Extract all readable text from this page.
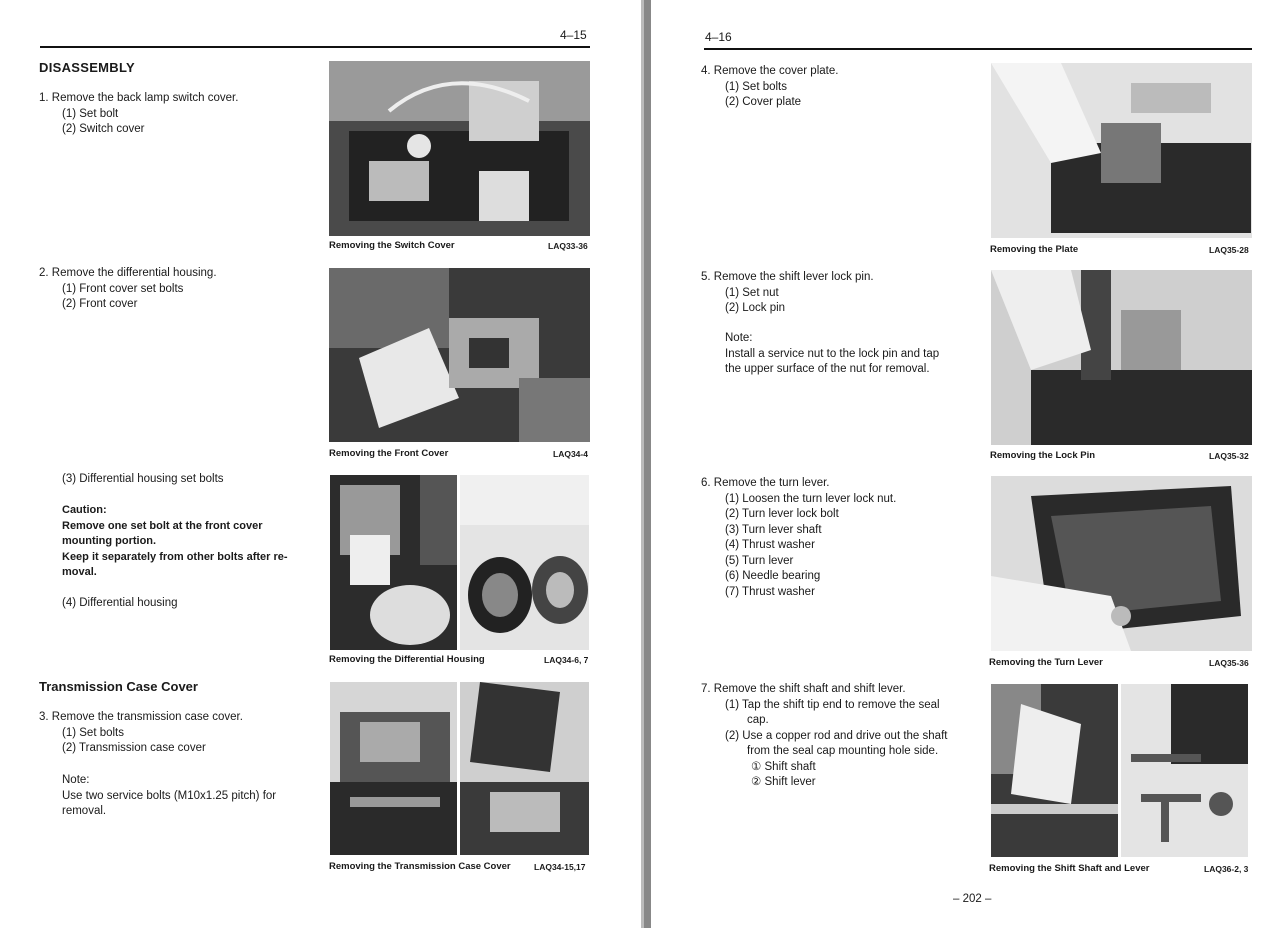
4–15
DISASSEMBLY
1. Remove the back lamp switch cover.
(1) Set bolt
(2) Switch cover
Removing the Switch Cover	LAQ33-36
2. Remove the differential housing.
(1) Front cover set bolts
(2) Front cover
Removing the Front Cover	LAQ34-4
(3) Differential housing set bolts
Caution:
Remove one set bolt at the front cover
mounting portion.
Keep it separately from other bolts after re-
moval.
(4) Differential housing
Removing the Differential Housing	LAQ34-6, 7
Transmission Case Cover
3. Remove the transmission case cover.
(1) Set bolts
(2) Transmission case cover
Note:
Use two service bolts (M10x1.25 pitch) for
removal.
Removing the Transmission Case Cover	LAQ34-15,17
4–16
4. Remove the cover plate.
(1) Set bolts
(2) Cover plate
Removing the Plate	LAQ35-28
5. Remove the shift lever lock pin.
(1) Set nut
(2) Lock pin
Note:
Install a service nut to the lock pin and tap
the upper surface of the nut for removal.
Removing the Lock Pin	LAQ35-32
6. Remove the turn lever.
(1) Loosen the turn lever lock nut.
(2) Turn lever lock bolt
(3) Turn lever shaft
(4) Thrust washer
(5) Turn lever
(6) Needle bearing
(7) Thrust washer
Removing the Turn Lever	LAQ35-36
7. Remove the shift shaft and shift lever.
(1) Tap the shift tip end to remove the seal
cap.
(2) Use a copper rod and drive out the shaft
from the seal cap mounting hole side.
① Shift shaft
② Shift lever
Removing the Shift Shaft and Lever	LAQ36-2, 3
– 202 –
